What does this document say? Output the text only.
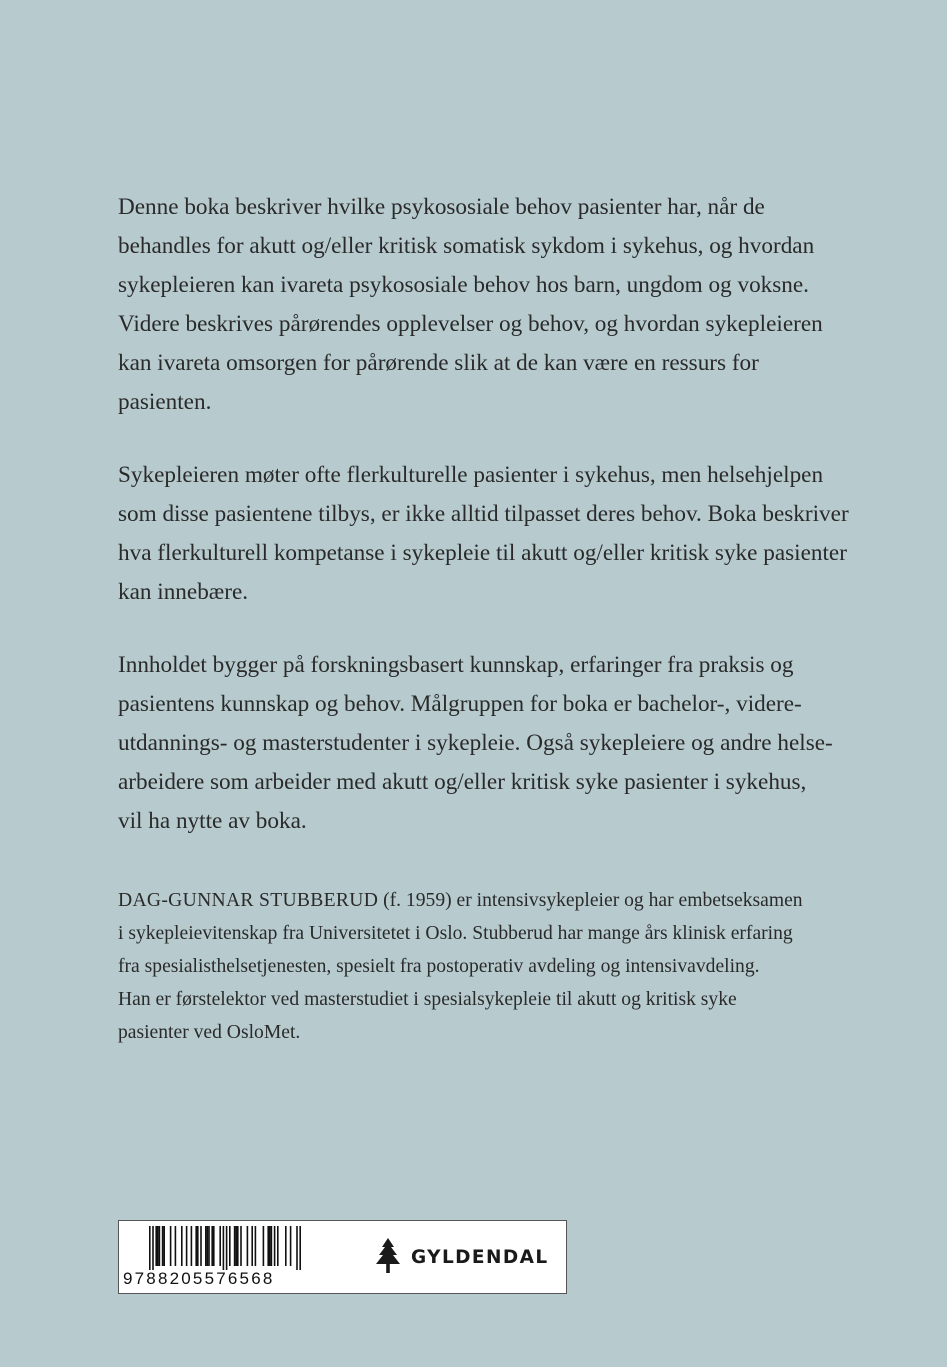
Denne boka beskriver hvilke psykososiale behov pasienter har, når de
behandles for akutt og/eller kritisk somatisk sykdom i sykehus, og hvordan
sykepleieren kan ivareta psykososiale behov hos barn, ungdom og voksne.
Videre beskrives pårørendes opplevelser og behov, og hvordan sykepleieren
kan ivareta omsorgen for pårørende slik at de kan være en ressurs for
pasienten.

Sykepleieren møter ofte flerkulturelle pasienter i sykehus, men helsehjelpen
som disse pasientene tilbys, er ikke alltid tilpasset deres behov. Boka beskriver
hva flerkulturell kompetanse i sykepleie til akutt og/eller kritisk syke pasienter
kan innebære.

Innholdet bygger på forskningsbasert kunnskap, erfaringer fra praksis og
pasientens kunnskap og behov. Målgruppen for boka er bachelor-, videre-
utdannings- og masterstudenter i sykepleie. Også sykepleiere og andre helse-
arbeidere som arbeider med akutt og/eller kritisk syke pasienter i sykehus,
vil ha nytte av boka.

DAG-GUNNAR STUBBERUD (f. 1959) er intensivsykepleier og har embetseksamen
i sykepleievitenskap fra Universitetet i Oslo. Stubberud har mange års klinisk erfaring
fra spesialisthelsetjenesten, spesielt fra postoperativ avdeling og intensivavdeling.
Han er førstelektor ved masterstudiet i spesialsykepleie til akutt og kritisk syke
pasienter ved OsloMet.

9788205576568
GYLDENDAL
